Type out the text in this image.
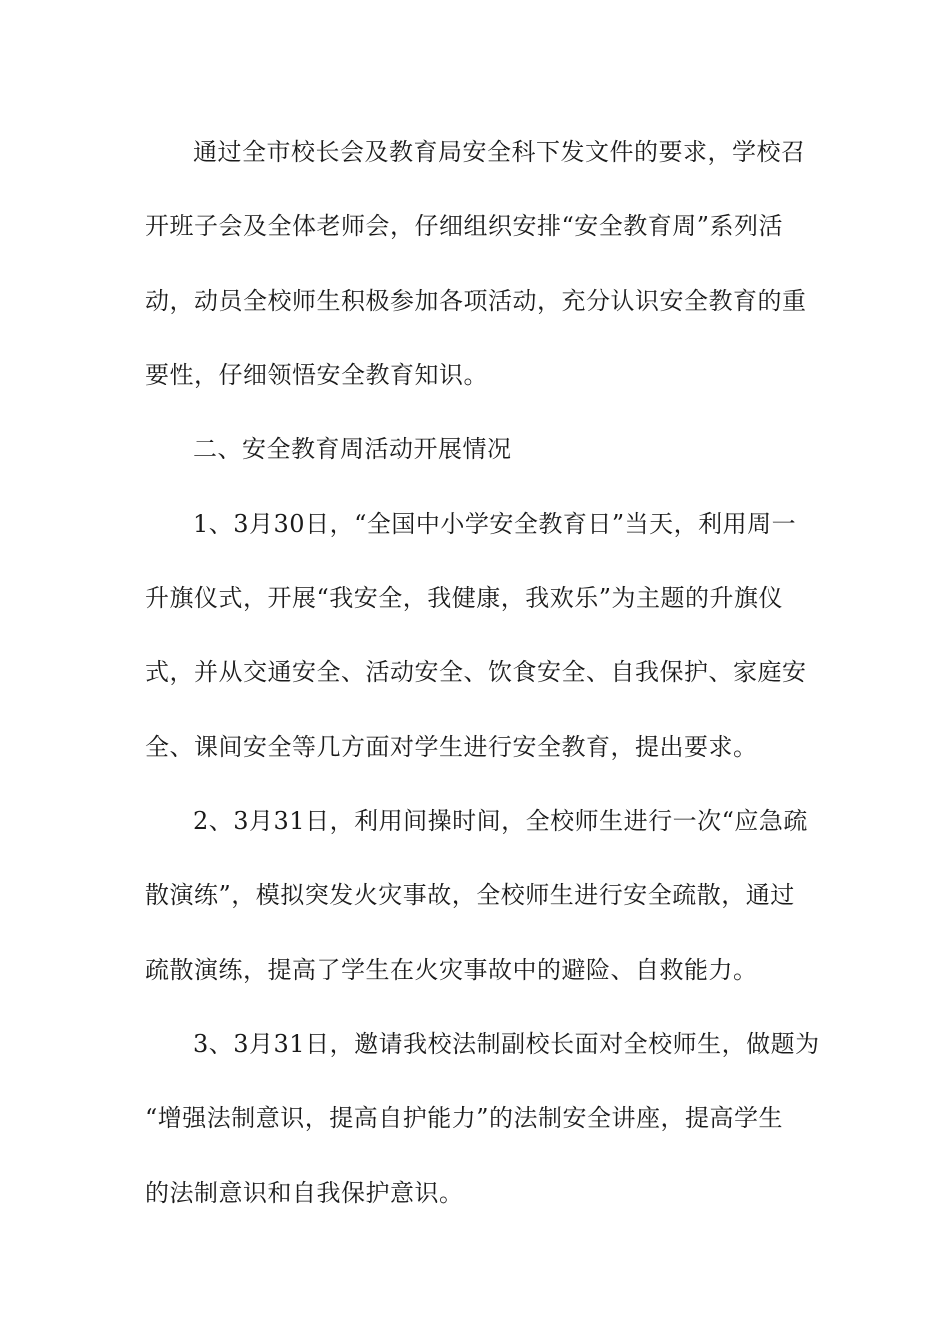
通过全市校长会及教育局安全科下发文件的要求，学校召
开班子会及全体老师会，仔细组织安排“安全教育周”系列活
动，动员全校师生积极参加各项活动，充分认识安全教育的重
要性，仔细领悟安全教育知识。
二、安全教育周活动开展情况
1、3月30日，“全国中小学安全教育日”当天，利用周一
升旗仪式，开展“我安全，我健康，我欢乐”为主题的升旗仪
式，并从交通安全、活动安全、饮食安全、自我保护、家庭安
全、课间安全等几方面对学生进行安全教育，提出要求。
2、3月31日，利用间操时间，全校师生进行一次“应急疏
散演练”，模拟突发火灾事故，全校师生进行安全疏散，通过
疏散演练，提高了学生在火灾事故中的避险、自救能力。
3、3月31日，邀请我校法制副校长面对全校师生，做题为
“增强法制意识，提高自护能力”的法制安全讲座，提高学生
的法制意识和自我保护意识。
